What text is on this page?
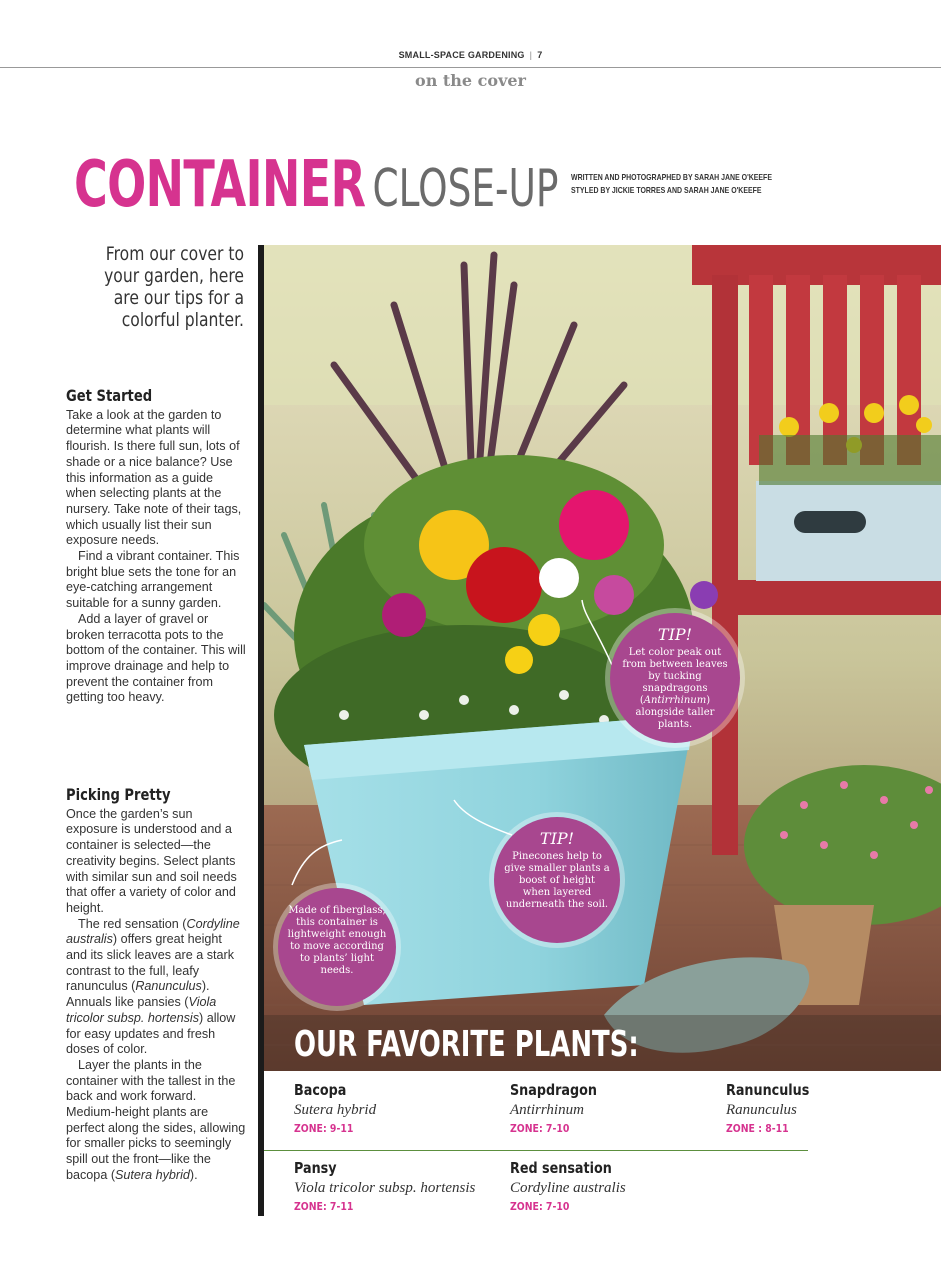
SMALL-SPACE GARDENING | 7
on the cover
CONTAINER CLOSE-UP WRITTEN AND PHOTOGRAPHED BY SARAH JANE O'KEEFE
STYLED BY JICKIE TORRES AND SARAH JANE O'KEEFE
From our cover to your garden, here are our tips for a colorful planter.
Get Started

Take a look at the garden to determine what plants will flourish. Is there full sun, lots of shade or a nice balance? Use this information as a guide when selecting plants at the nursery. Take note of their tags, which usually list their sun exposure needs.

Find a vibrant container. This bright blue sets the tone for an eye-catching arrangement suitable for a sunny garden.

Add a layer of gravel or broken terracotta pots to the bottom of the container. This will improve drainage and help to prevent the container from getting too heavy.

Picking Pretty

Once the garden’s sun exposure is understood and a container is selected—the creativity begins. Select plants with similar sun and soil needs that offer a variety of color and height.

The red sensation (Cordyline australis) offers great height and its slick leaves are a stark contrast to the full, leafy ranunculus (Ranunculus). Annuals like pansies (Viola tricolor subsp. hortensis) allow for easy updates and fresh doses of color.

Layer the plants in the container with the tallest in the back and work forward. Medium-height plants are perfect along the sides, allowing for smaller picks to seemingly spill out the front—like the bacopa (Sutera hybrid).

TIP!
Let color peak out from between leaves by tucking snapdragons (Antirrhinum) alongside taller plants.
TIP!
Pinecones help to give smaller plants a boost of height when layered underneath the soil.
Made of fiberglass, this container is lightweight enough to move according to plants’ light needs.
OUR FAVORITE PLANTS:
Bacopa
Sutera hybrid
ZONE: 9-11
Snapdragon
Antirrhinum
ZONE: 7-10
Ranunculus
Ranunculus
ZONE : 8-11
Pansy
Viola tricolor subsp. hortensis
ZONE: 7-11
Red sensation
Cordyline australis
ZONE: 7-10
